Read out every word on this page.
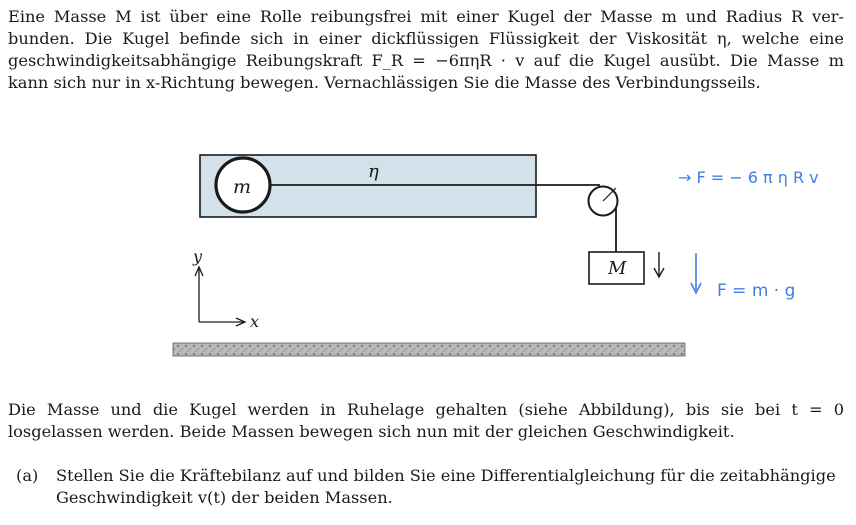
Eine Masse M ist über eine Rolle reibungsfrei mit einer Kugel der Masse m und Radius R ver-
bunden. Die Kugel befinde sich in einer dickflüssigen Flüssigkeit der Viskosität η, welche eine
geschwindigkeitsabhängige Reibungskraft F_R = −6πηR · v auf die Kugel ausübt. Die Masse m
kann sich nur in x-Richtung bewegen. Vernachlässigen Sie die Masse des Verbindungsseils.
η
m
M
y
x
→ F = − 6 π η R v
F = m · g
Die Masse und die Kugel werden in Ruhelage gehalten (siehe Abbildung), bis sie bei t = 0
losgelassen werden. Beide Massen bewegen sich nun mit der gleichen Geschwindigkeit.
(a) Stellen Sie die Kräftebilanz auf und bilden Sie eine Differentialgleichung für die zeitabhängige
Geschwindigkeit v(t) der beiden Massen.
